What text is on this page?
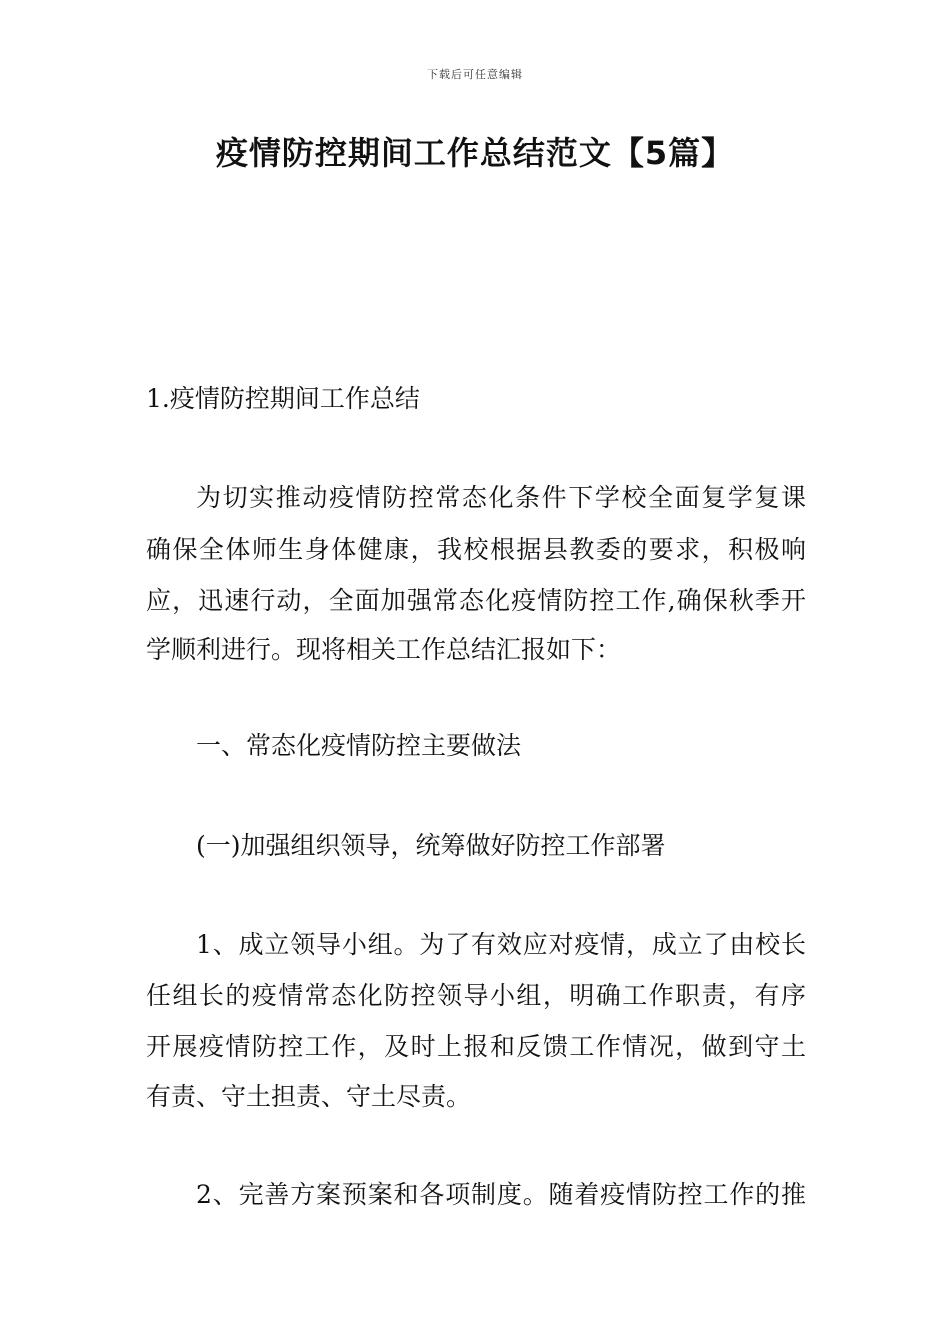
下载后可任意编辑
疫情防控期间工作总结范文【5篇】
1.疫情防控期间工作总结
为切实推动疫情防控常态化条件下学校全面复学复课
确保全体师生身体健康，我校根据县教委的要求，积极响
应，迅速行动，全面加强常态化疫情防控工作,确保秋季开
学顺利进行。现将相关工作总结汇报如下：
一、常态化疫情防控主要做法
(一)加强组织领导，统筹做好防控工作部署
1、成立领导小组。为了有效应对疫情，成立了由校长
任组长的疫情常态化防控领导小组，明确工作职责，有序
开展疫情防控工作，及时上报和反馈工作情况，做到守土
有责、守土担责、守土尽责。
2、完善方案预案和各项制度。随着疫情防控工作的推
